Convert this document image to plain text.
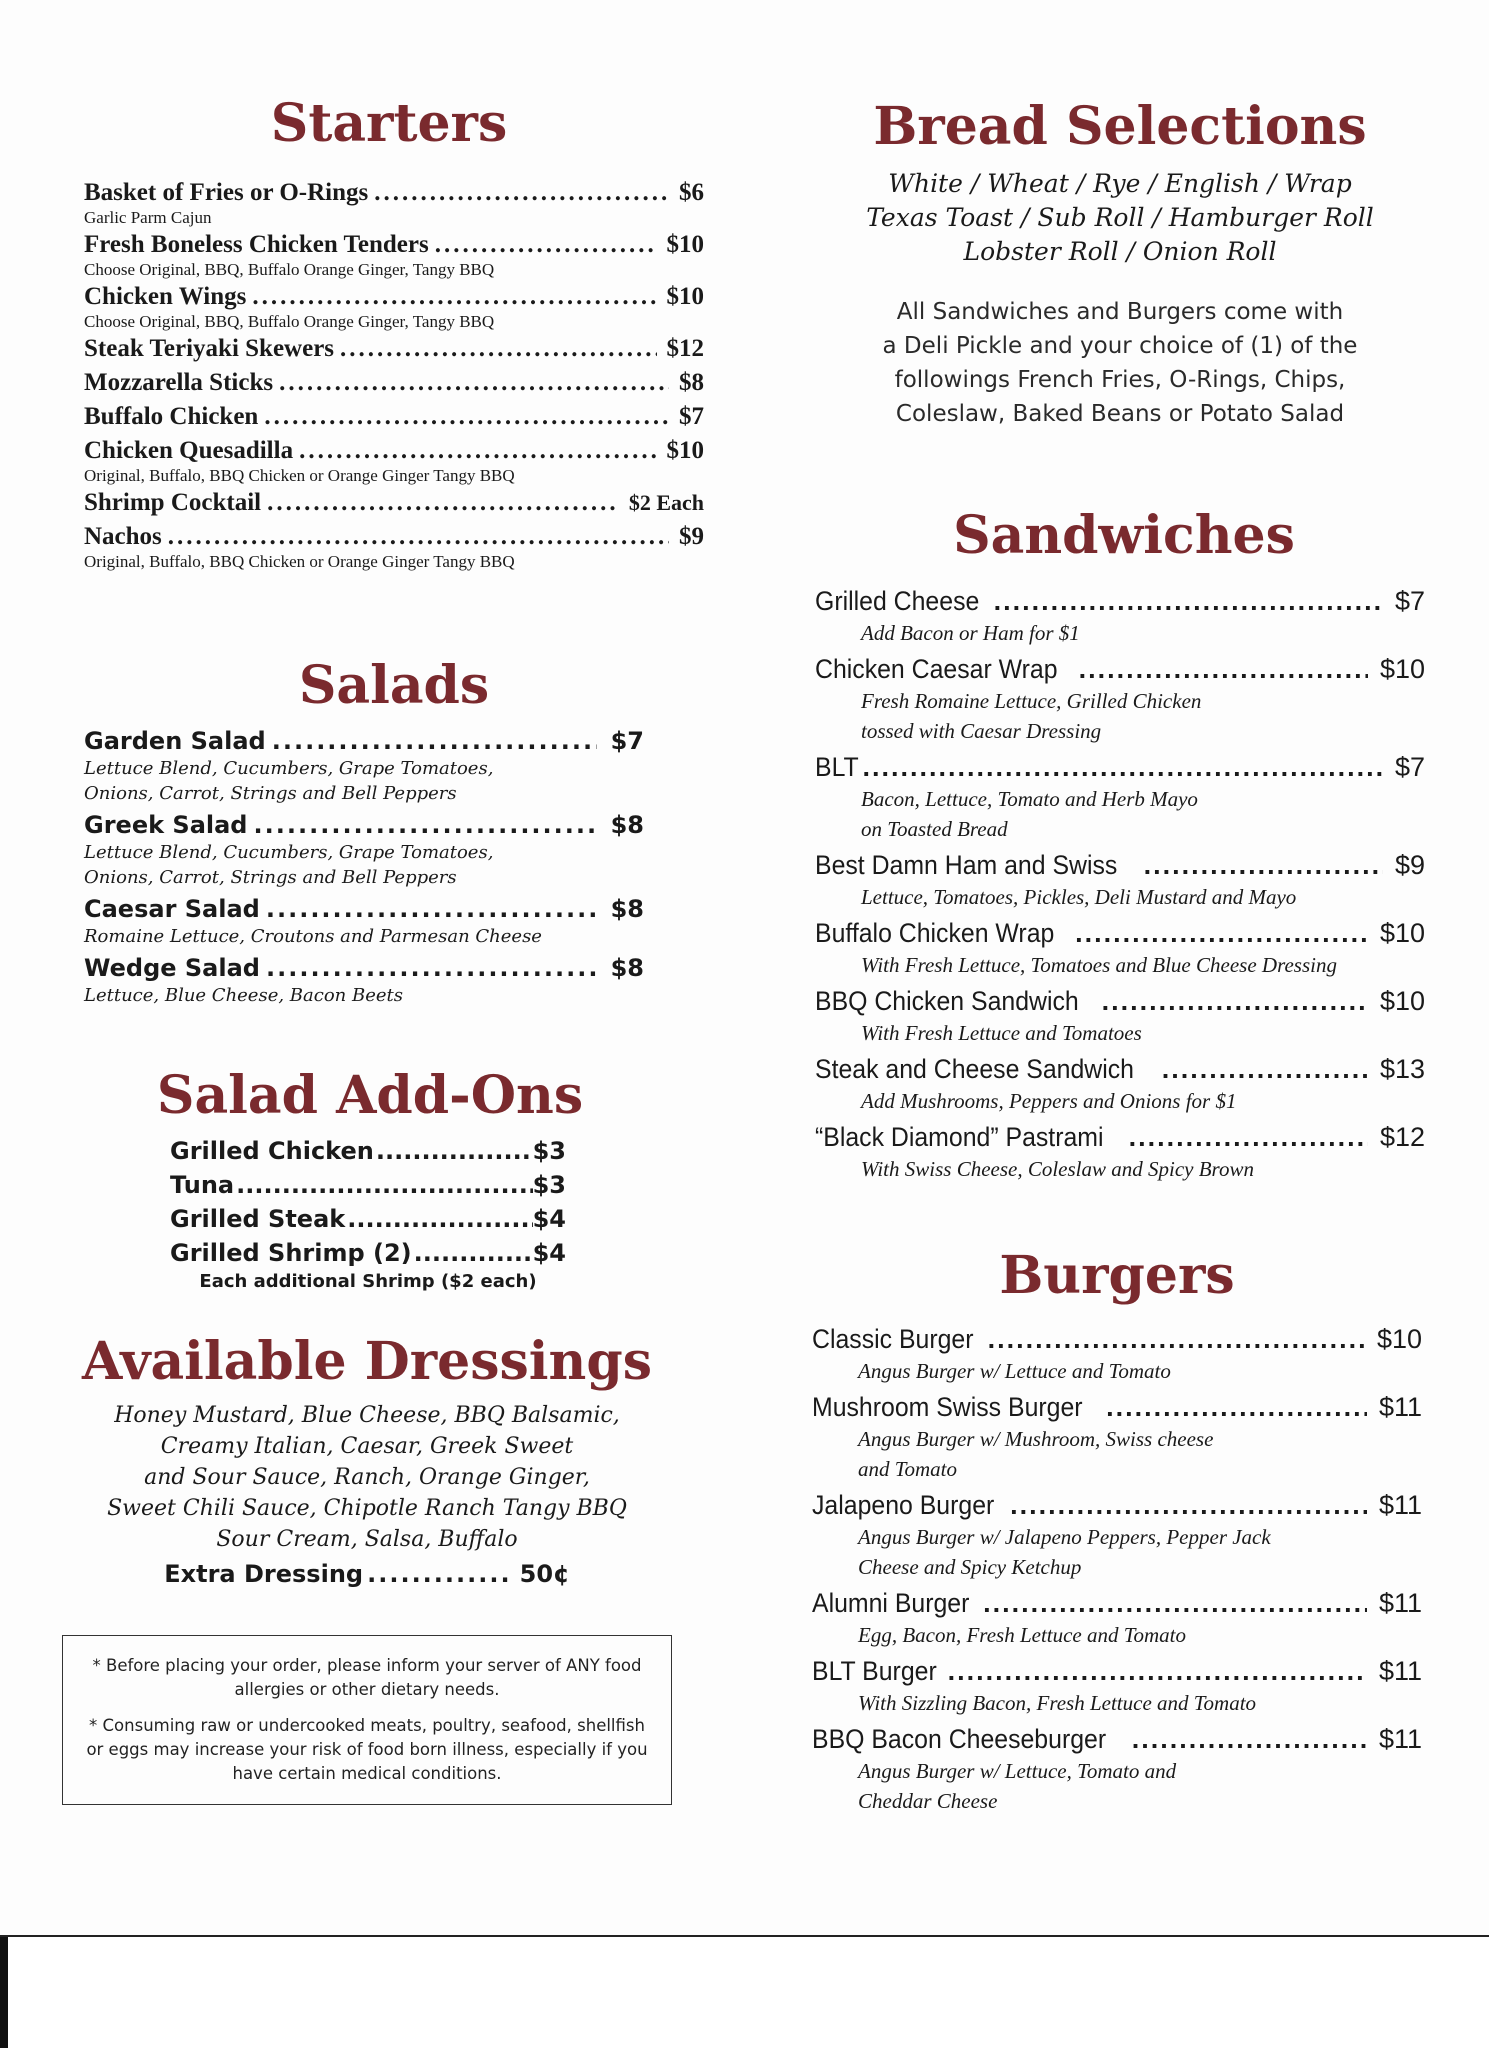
Starters
Basket of Fries or O-Rings .....	$6
Garlic Parm Cajun
Fresh Boneless Chicken Tenders .....	$10
Choose Original, BBQ, Buffalo Orange Ginger, Tangy BBQ
Chicken Wings .....	$10
Choose Original, BBQ, Buffalo Orange Ginger, Tangy BBQ
Steak Teriyaki Skewers .....	$12
Mozzarella Sticks .....	$8
Buffalo Chicken .....	$7
Chicken Quesadilla .....	$10
Original, Buffalo, BBQ Chicken or Orange Ginger Tangy BBQ
Shrimp Cocktail .....	$2 Each
Nachos .....	$9
Original, Buffalo, BBQ Chicken or Orange Ginger Tangy BBQ
Salads
Garden Salad .....	$7
Lettuce Blend, Cucumbers, Grape Tomatoes,
Onions, Carrot, Strings and Bell Peppers
Greek Salad .....	$8
Lettuce Blend, Cucumbers, Grape Tomatoes,
Onions, Carrot, Strings and Bell Peppers
Caesar Salad .....	$8
Romaine Lettuce, Croutons and Parmesan Cheese
Wedge Salad .....	$8
Lettuce, Blue Cheese, Bacon Beets
Salad Add-Ons
Grilled Chicken .....	$3
Tuna .....	$3
Grilled Steak .....	$4
Grilled Shrimp (2) .....	$4
Each additional Shrimp ($2 each)
Available Dressings
Honey Mustard, Blue Cheese, BBQ Balsamic,
Creamy Italian, Caesar, Greek Sweet
and Sour Sauce, Ranch, Orange Ginger,
Sweet Chili Sauce, Chipotle Ranch Tangy BBQ
Sour Cream, Salsa, Buffalo
Extra Dressing ............. 50¢

* Before placing your order, please inform your server of ANY food allergies or other dietary needs.

* Consuming raw or undercooked meats, poultry, seafood, shellfish or eggs may increase your risk of food born illness, especially if you have certain medical conditions.

Bread Selections
White / Wheat / Rye / English / Wrap
Texas Toast / Sub Roll / Hamburger Roll
Lobster Roll / Onion Roll
All Sandwiches and Burgers come with
a Deli Pickle and your choice of (1) of the
followings French Fries, O-Rings, Chips,
Coleslaw, Baked Beans or Potato Salad
Sandwiches
Grilled Cheese .....	$7
Add Bacon or Ham for $1
Chicken Caesar Wrap .....	$10
Fresh Romaine Lettuce, Grilled Chicken
tossed with Caesar Dressing
BLT .....	$7
Bacon, Lettuce, Tomato and Herb Mayo
on Toasted Bread
Best Damn Ham and Swiss .....	$9
Lettuce, Tomatoes, Pickles, Deli Mustard and Mayo
Buffalo Chicken Wrap .....	$10
With Fresh Lettuce, Tomatoes and Blue Cheese Dressing
BBQ Chicken Sandwich .....	$10
With Fresh Lettuce and Tomatoes
Steak and Cheese Sandwich .....	$13
Add Mushrooms, Peppers and Onions for $1
“Black Diamond” Pastrami .....	$12
With Swiss Cheese, Coleslaw and Spicy Brown
Burgers
Classic Burger .....	$10
Angus Burger w/ Lettuce and Tomato
Mushroom Swiss Burger .....	$11
Angus Burger w/ Mushroom, Swiss cheese
and Tomato
Jalapeno Burger .....	$11
Angus Burger w/ Jalapeno Peppers, Pepper Jack
Cheese and Spicy Ketchup
Alumni Burger .....	$11
Egg, Bacon, Fresh Lettuce and Tomato
BLT Burger .....	$11
With Sizzling Bacon, Fresh Lettuce and Tomato
BBQ Bacon Cheeseburger .....	$11
Angus Burger w/ Lettuce, Tomato and
Cheddar Cheese
